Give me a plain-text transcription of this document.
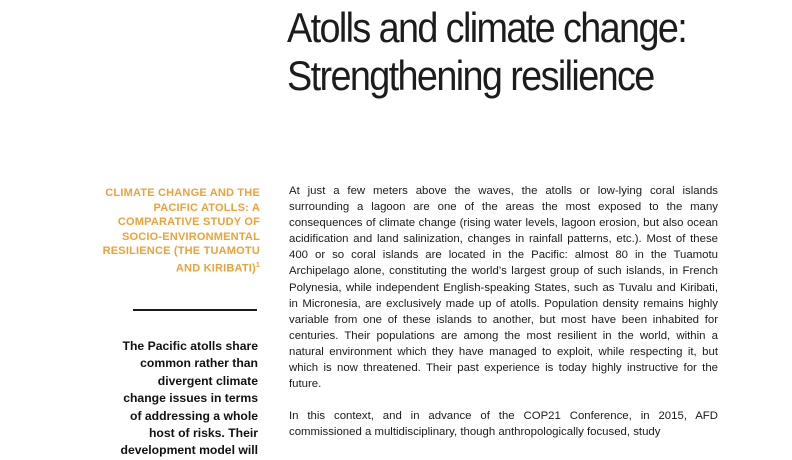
Atolls and climate change:
Strengthening resilience
CLIMATE CHANGE AND THE PACIFIC ATOLLS: A COMPARATIVE STUDY OF SOCIO-ENVIRONMENTAL RESILIENCE (THE TUAMOTU AND KIRIBATI)$^1$

The Pacific atolls share common rather than divergent climate change issues in terms of addressing a whole host of risks. Their development model will

At just a few meters above the waves, the atolls or low-lying coral islands surrounding a lagoon are one of the areas the most exposed to the many consequences of climate change (rising water levels, lagoon erosion, but also ocean acidification and land salinization, changes in rainfall patterns, etc.). Most of these 400 or so coral islands are located in the Pacific: almost 80 in the Tuamotu Archipelago alone, constituting the world’s largest group of such islands, in French Polynesia, while independent English-speaking States, such as Tuvalu and Kiribati, in Micronesia, are exclusively made up of atolls. Population density remains highly variable from one of these islands to another, but most have been inhabited for centuries. Their populations are among the most resilient in the world, within a natural environment which they have managed to exploit, while respecting it, but which is now threatened. Their past experience is today highly instructive for the future.

In this context, and in advance of the COP21 Conference, in 2015, AFD commissioned a multidisciplinary, though anthropologically focused, study
